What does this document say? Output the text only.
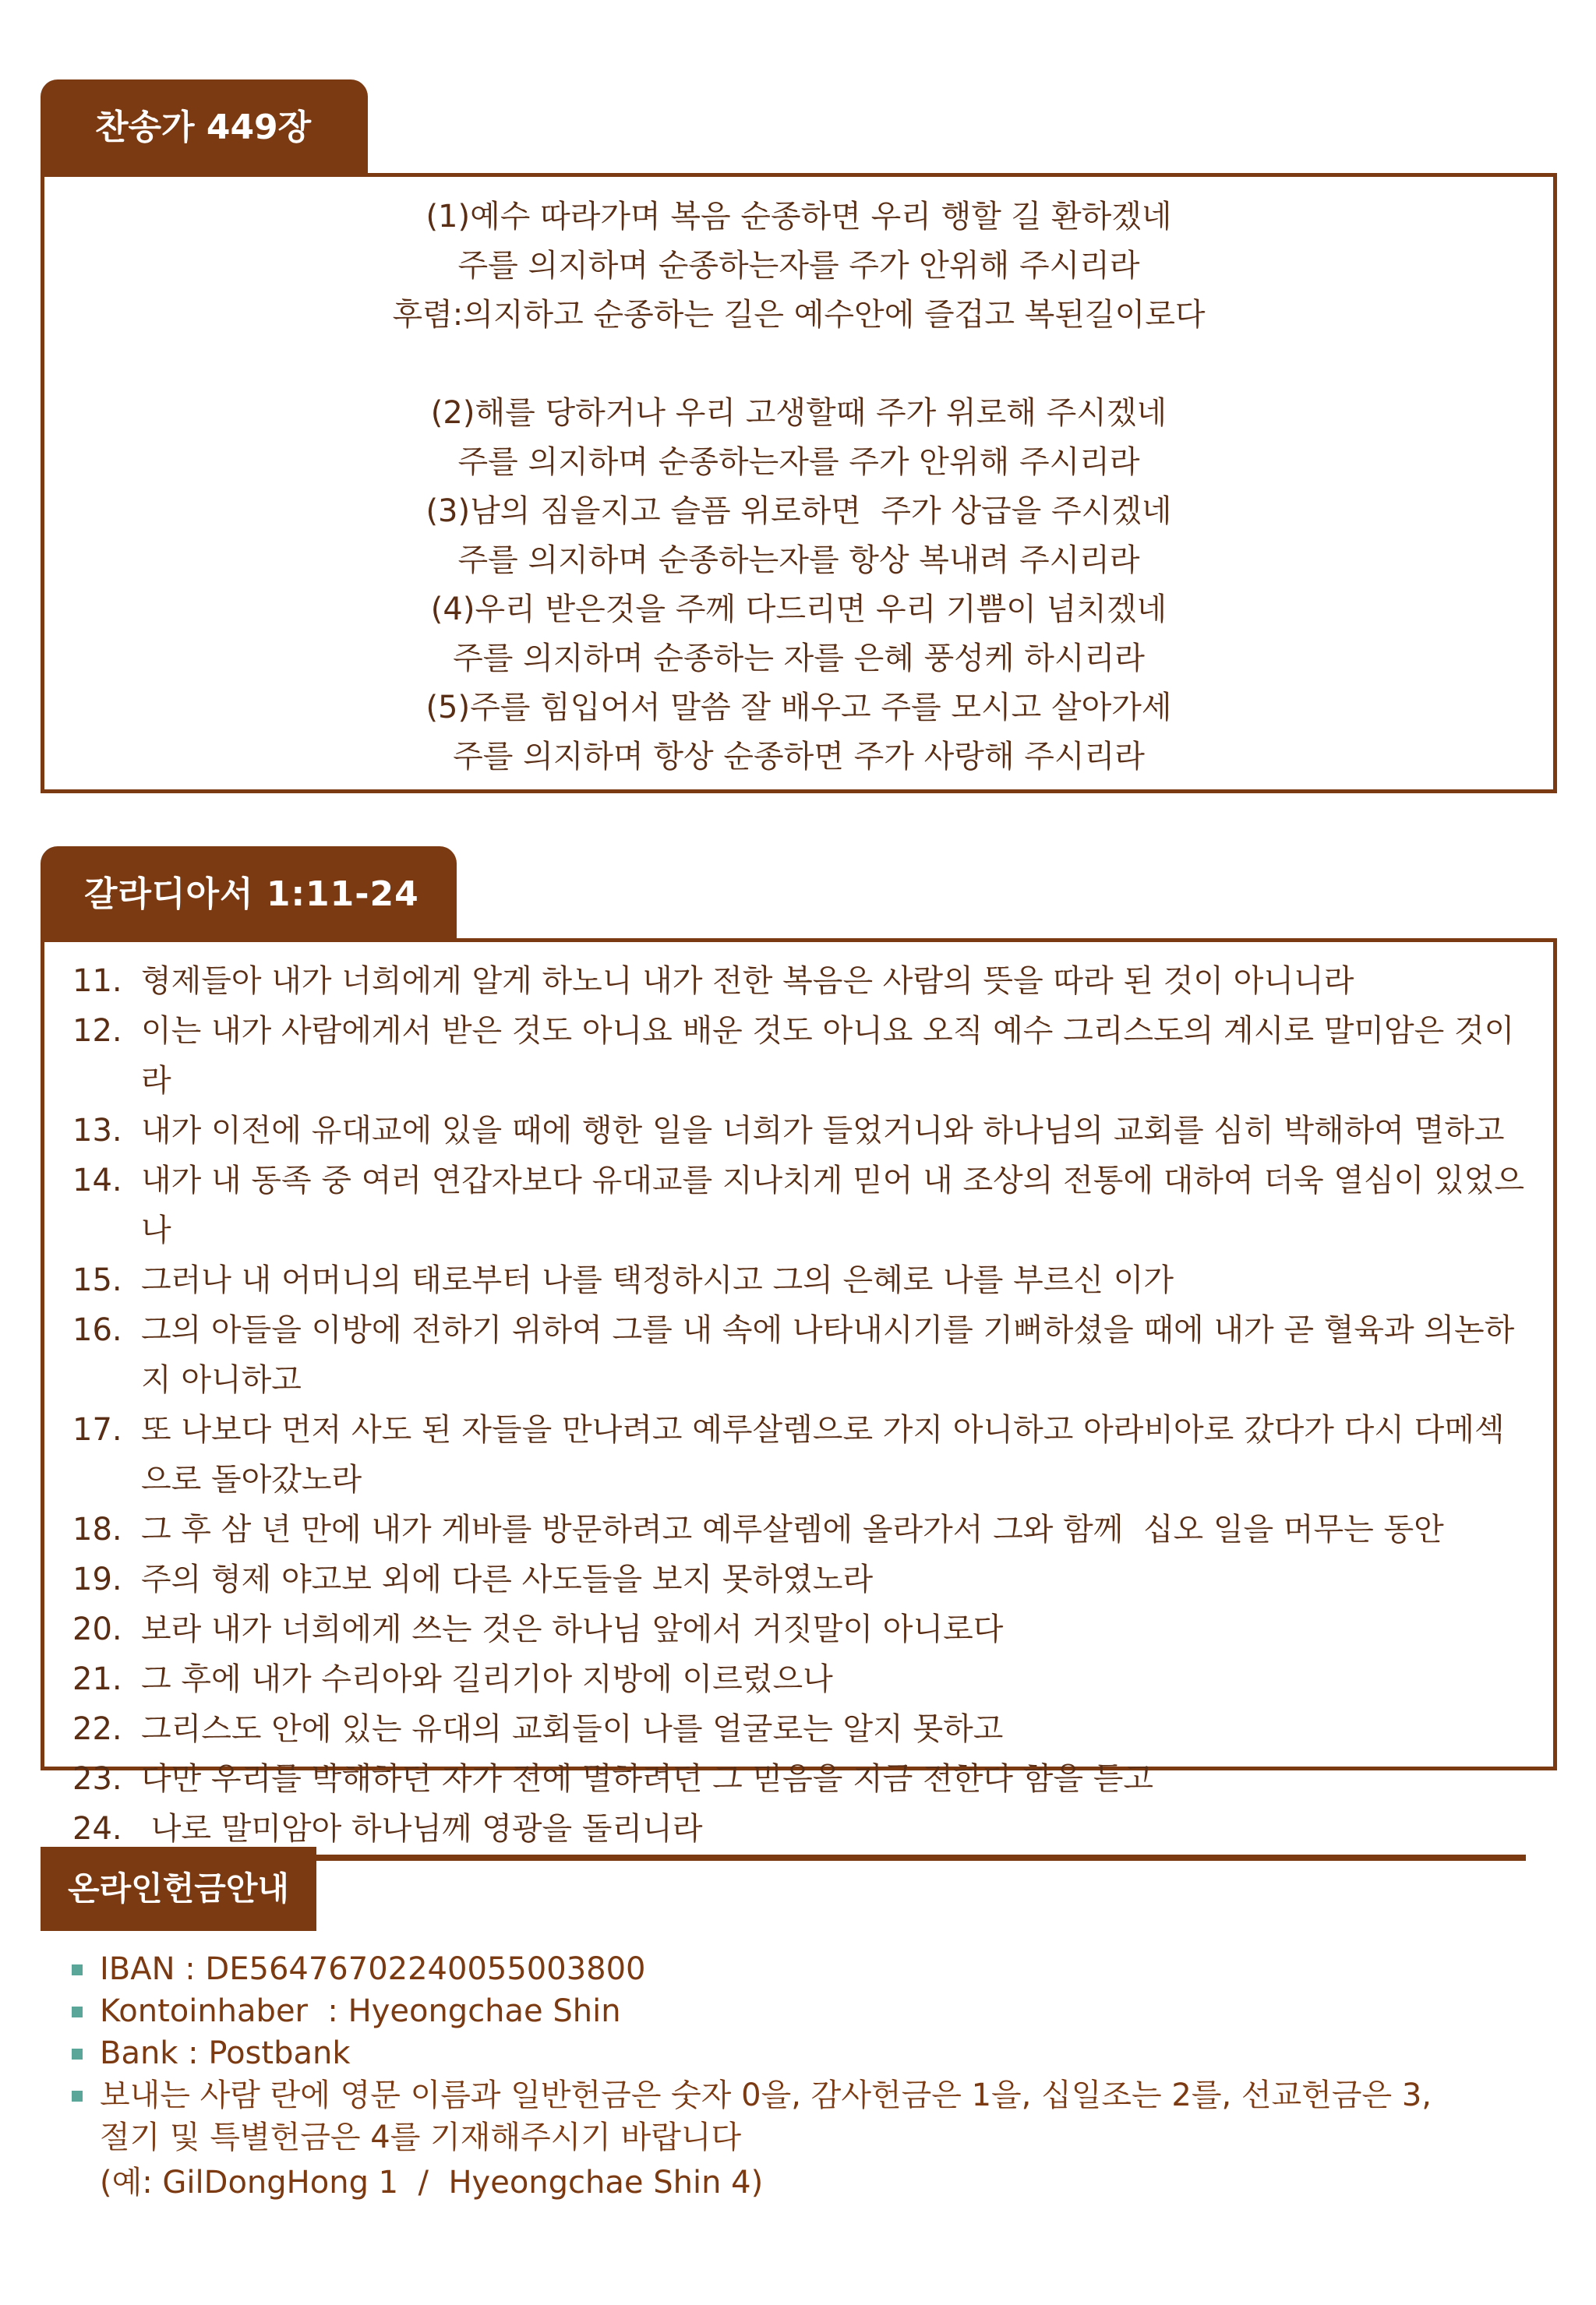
찬송가 449장
(1)예수 따라가며 복음 순종하면 우리 행할 길 환하겠네
주를 의지하며 순종하는자를 주가 안위해 주시리라
후렴:의지하고 순종하는 길은 예수안에 즐겁고 복된길이로다
(2)해를 당하거나 우리 고생할때 주가 위로해 주시겠네
주를 의지하며 순종하는자를 주가 안위해 주시리라
(3)남의 짐을지고 슬픔 위로하면  주가 상급을 주시겠네
주를 의지하며 순종하는자를 항상 복내려 주시리라
(4)우리 받은것을 주께 다드리면 우리 기쁨이 넘치겠네
주를 의지하며 순종하는 자를 은혜 풍성케 하시리라
(5)주를 힘입어서 말씀 잘 배우고 주를 모시고 살아가세
주를 의지하며 항상 순종하면 주가 사랑해 주시리라
갈라디아서 1:11-24
11. 형제들아 내가 너희에게 알게 하노니 내가 전한 복음은 사람의 뜻을 따라 된 것이 아니니라
12. 이는 내가 사람에게서 받은 것도 아니요 배운 것도 아니요 오직 예수 그리스도의 계시로 말미암은 것이라
13. 내가 이전에 유대교에 있을 때에 행한 일을 너희가 들었거니와 하나님의 교회를 심히 박해하여 멸하고
14. 내가 내 동족 중 여러 연갑자보다 유대교를 지나치게 믿어 내 조상의 전통에 대하여 더욱 열심이 있었으나
15. 그러나 내 어머니의 태로부터 나를 택정하시고 그의 은혜로 나를 부르신 이가
16. 그의 아들을 이방에 전하기 위하여 그를 내 속에 나타내시기를 기뻐하셨을 때에 내가 곧 혈육과 의논하지 아니하고
17. 또 나보다 먼저 사도 된 자들을 만나려고 예루살렘으로 가지 아니하고 아라비아로 갔다가 다시 다메섹으로 돌아갔노라
18. 그 후 삼 년 만에 내가 게바를 방문하려고 예루살렘에 올라가서 그와 함께  십오 일을 머무는 동안
19. 주의 형제 야고보 외에 다른 사도들을 보지 못하였노라
20. 보라 내가 너희에게 쓰는 것은 하나님 앞에서 거짓말이 아니로다
21. 그 후에 내가 수리아와 길리기아 지방에 이르렀으나
22. 그리스도 안에 있는 유대의 교회들이 나를 얼굴로는 알지 못하고
23. 다만 우리를 박해하던 자가 전에 멸하려던 그 믿음을 지금 전한다 함을 듣고
24. 나로 말미암아 하나님께 영광을 돌리니라
온라인헌금안내
IBAN : DE56476702240055003800
Kontoinhaber  : Hyeongchae Shin
Bank : Postbank
보내는 사람 란에 영문 이름과 일반헌금은 숫자 0을, 감사헌금은 1을, 십일조는 2를, 선교헌금은 3,
절기 및 특별헌금은 4를 기재해주시기 바랍니다
(예: GilDongHong 1  /  Hyeongchae Shin 4)
